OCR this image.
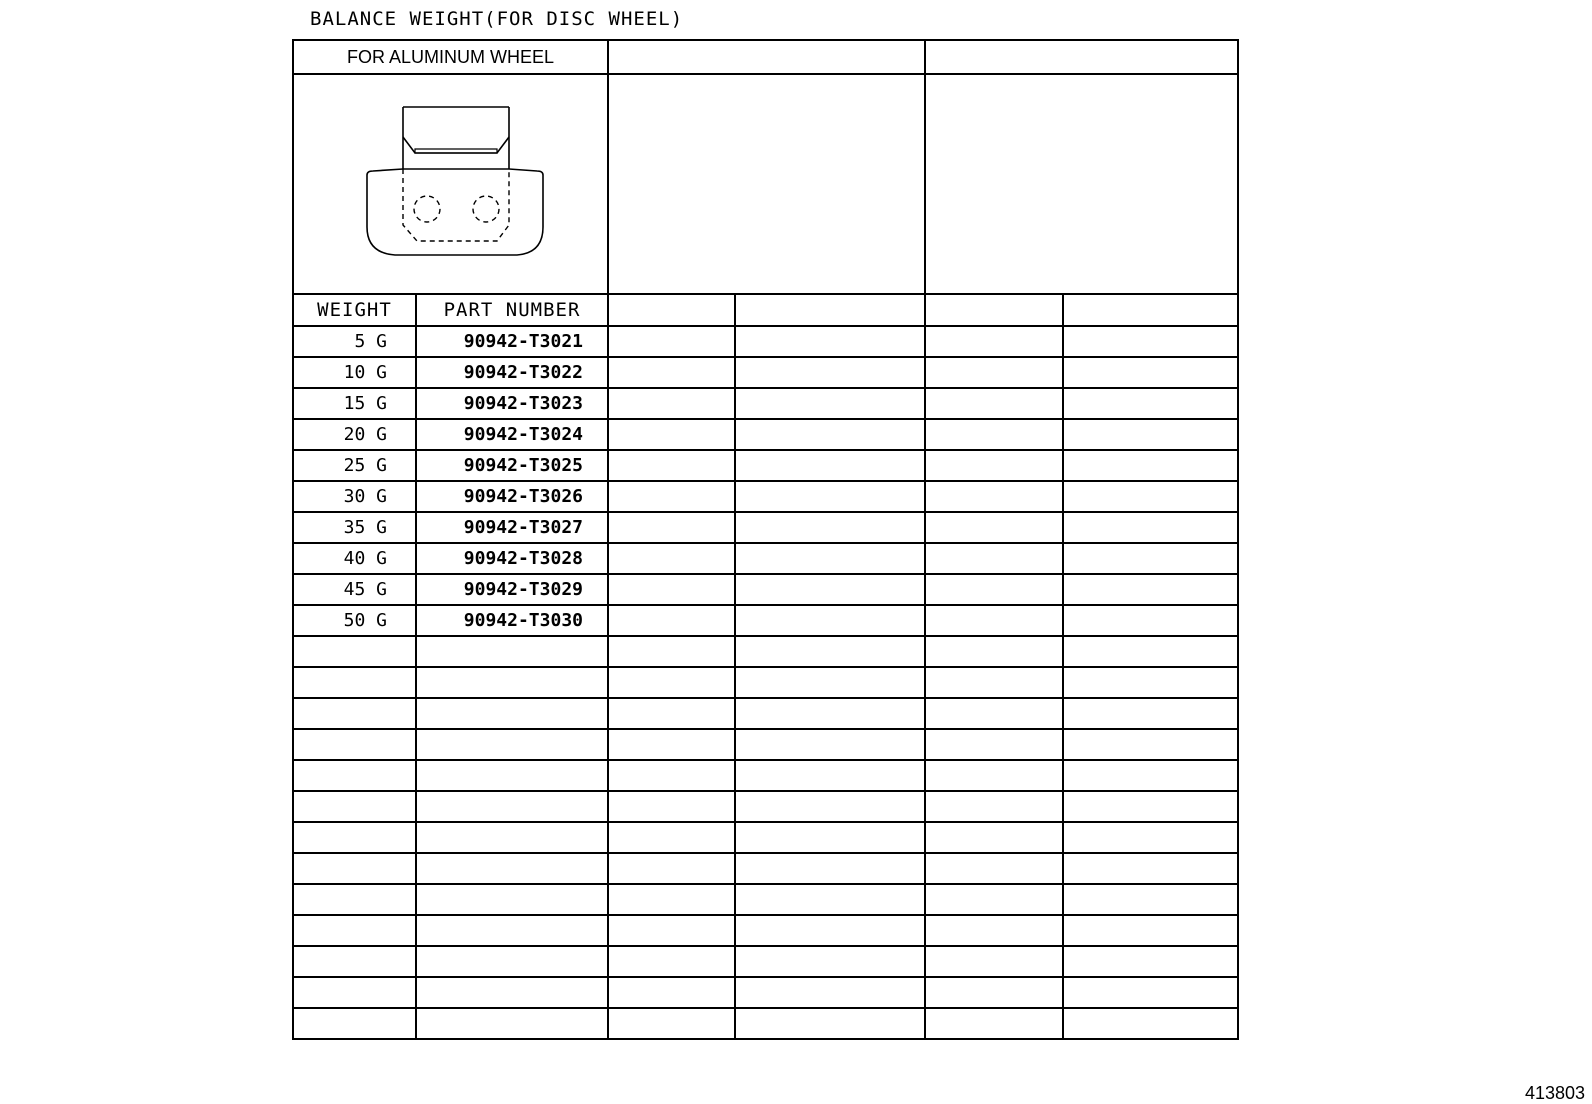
BALANCE WEIGHT(FOR DISC WHEEL)
FOR ALUMINUM WHEEL					

WEIGHT	PART NUMBER				
5 G	90942-T3021				
10 G	90942-T3022				
15 G	90942-T3023				
20 G	90942-T3024				
25 G	90942-T3025				
30 G	90942-T3026				
35 G	90942-T3027				
40 G	90942-T3028				
45 G	90942-T3029				
50 G	90942-T3030				

413803
